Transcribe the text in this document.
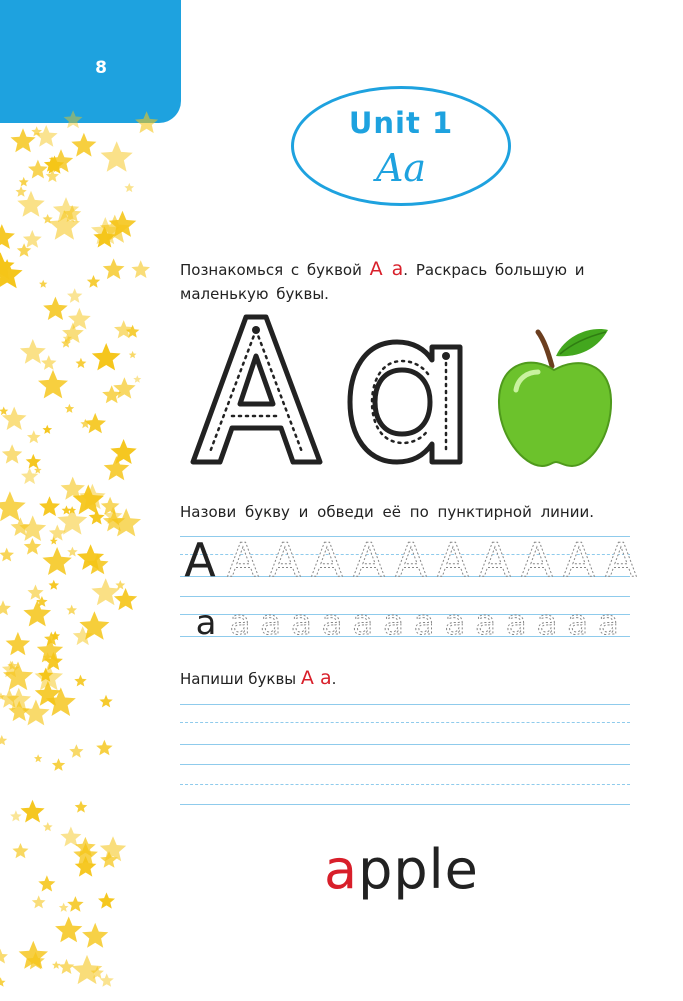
8
Unit 1
Aa
Познакомься с буквой А а. Раскрась большую и маленькую буквы.
Назови букву и обведи её по пунктирной линии.
A
a
A A A A A A A A A A
a a a a a a a a a a a a a
Напиши буквы А а.
apple
